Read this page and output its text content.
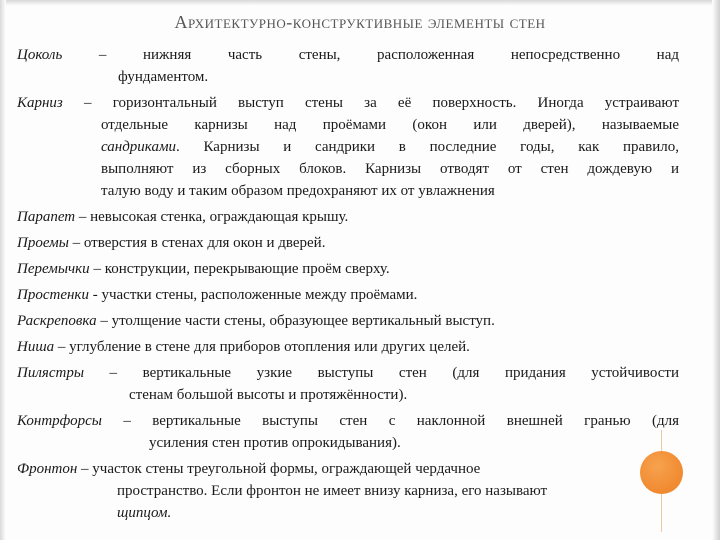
Архитектурно-конструктивные элементы стен
Цоколь – нижняя часть стены, расположенная непосредственно над
фундаментом.
Карниз – горизонтальный выступ стены за её поверхность. Иногда устраивают
отдельные карнизы над проёмами (окон или дверей), называемые
сандриками. Карнизы и сандрики в последние годы, как правило,
выполняют из сборных блоков. Карнизы отводят от стен дождевую и
талую воду и таким образом предохраняют их от увлажнения
Парапет – невысокая стенка, ограждающая крышу.
Проемы – отверстия в стенах для окон и дверей.
Перемычки – конструкции, перекрывающие проём сверху.
Простенки - участки стены, расположенные между проёмами.
Раскреповка – утолщение части стены, образующее вертикальный выступ.
Ниша – углубление в стене для приборов отопления или других целей.
Пилястры – вертикальные узкие выступы стен (для придания устойчивости
стенам большой высоты и протяжённости).
Контрфорсы – вертикальные выступы стен с наклонной внешней гранью (для
усиления стен против опрокидывания).
Фронтон – участок стены треугольной формы, ограждающей чердачное
пространство. Если фронтон не имеет внизу карниза, его называют
щипцом.
